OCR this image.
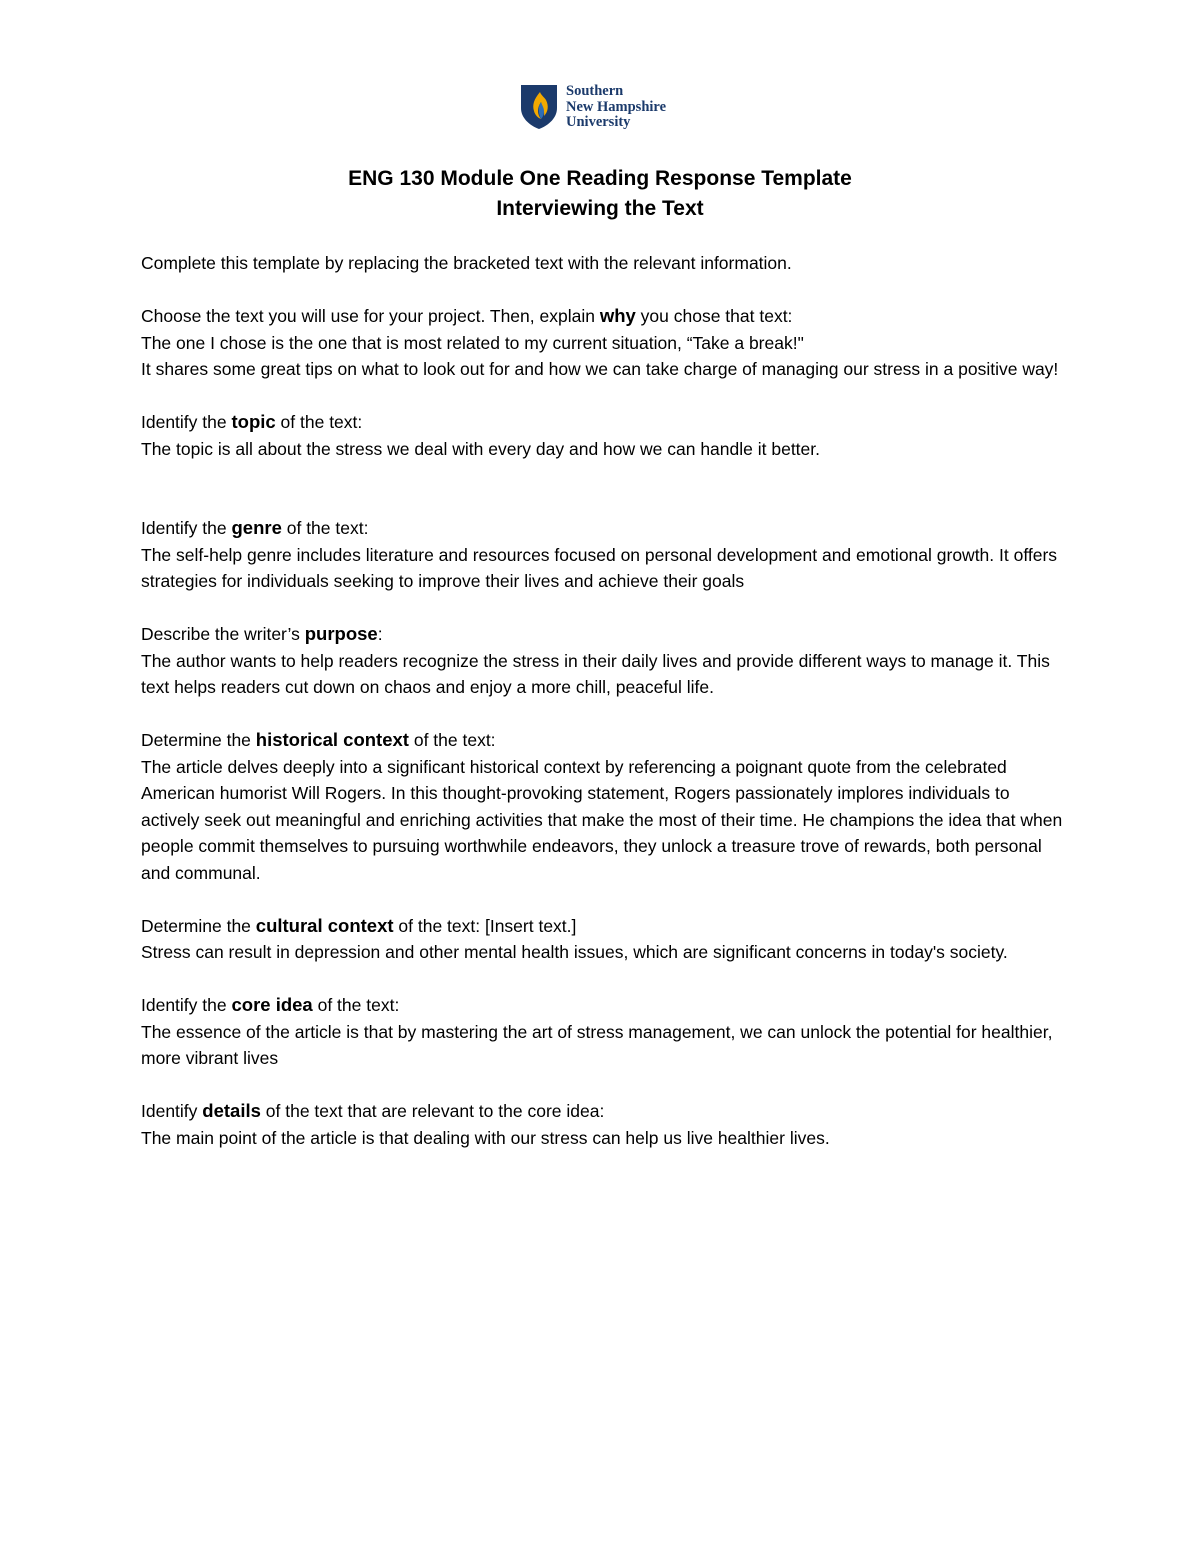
Southern
New Hampshire
University
ENG 130 Module One Reading Response Template
Interviewing the Text

Complete this template by replacing the bracketed text with the relevant information.

Choose the text you will use for your project. Then, explain why you chose that text:

The one I chose is the one that is most related to my current situation, “Take a break!"

It shares some great tips on what to look out for and how we can take charge of managing our stress in a positive way!

Identify the topic of the text:

The topic is all about the stress we deal with every day and how we can handle it better.

Identify the genre of the text:

The self-help genre includes literature and resources focused on personal development and emotional growth. It offers strategies for individuals seeking to improve their lives and achieve their goals

Describe the writer’s purpose:

The author wants to help readers recognize the stress in their daily lives and provide different ways to manage it. This text helps readers cut down on chaos and enjoy a more chill, peaceful life.

Determine the historical context of the text:

The article delves deeply into a significant historical context by referencing a poignant quote from the celebrated American humorist Will Rogers. In this thought-provoking statement, Rogers passionately implores individuals to actively seek out meaningful and enriching activities that make the most of their time. He champions the idea that when people commit themselves to pursuing worthwhile endeavors, they unlock a treasure trove of rewards, both personal and communal.

Determine the cultural context of the text: [Insert text.]

Stress can result in depression and other mental health issues, which are significant concerns in today's society.

Identify the core idea of the text:

The essence of the article is that by mastering the art of stress management, we can unlock the potential for healthier, more vibrant lives

Identify details of the text that are relevant to the core idea:

The main point of the article is that dealing with our stress can help us live healthier lives.
